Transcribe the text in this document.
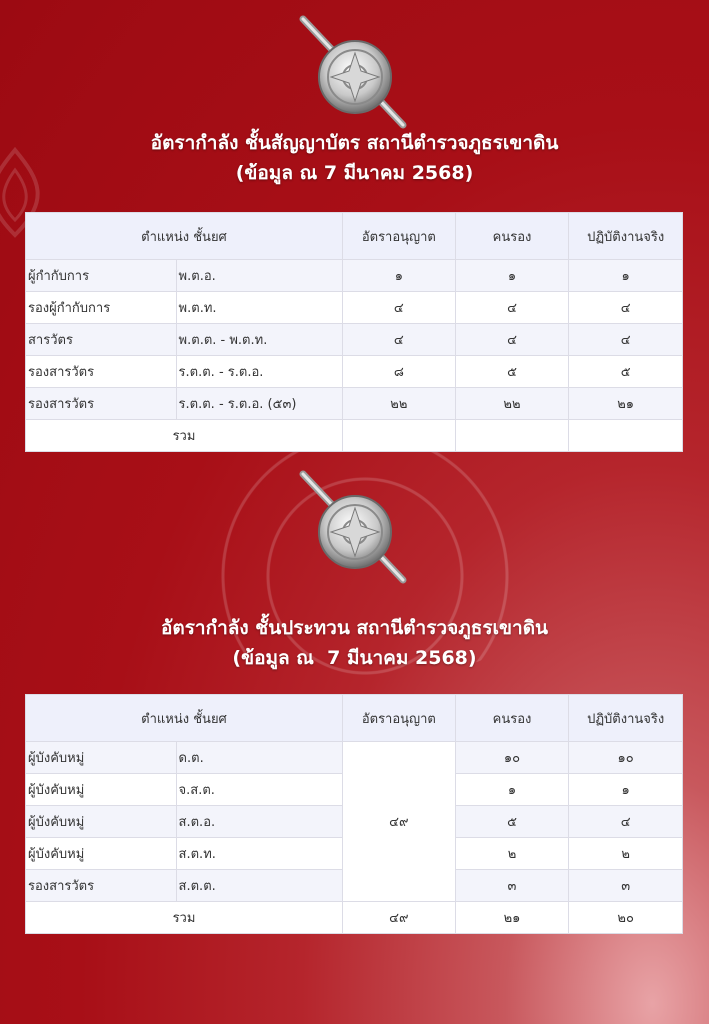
อัตรากำลัง ชั้นสัญญาบัตร สถานีตำรวจภูธรเขาดิน
(ข้อมูล ณ 7 มีนาคม 2568)
ตำแหน่ง ชั้นยศ		อัตราอนุญาต	คนรอง	ปฏิบัติงานจริง
ผู้กำกับการ	พ.ต.อ.	๑	๑	๑
รองผู้กำกับการ	พ.ต.ท.	๔	๔	๔
สารวัตร	พ.ต.ต. - พ.ต.ท.	๔	๔	๔
รองสารวัตร	ร.ต.ต. - ร.ต.อ.	๘	๕	๕
รองสารวัตร	ร.ต.ต. - ร.ต.อ. (๕๓)	๒๒	๒๒	๒๑
รวม				
อัตรากำลัง ชั้นประทวน สถานีตำรวจภูธรเขาดิน
(ข้อมูล ณ  7 มีนาคม 2568)
ตำแหน่ง ชั้นยศ		อัตราอนุญาต	คนรอง	ปฏิบัติงานจริง
ผู้บังคับหมู่	ด.ต.	๔๙	๑๐	๑๐
ผู้บังคับหมู่	จ.ส.ต.		๑	๑
ผู้บังคับหมู่	ส.ต.อ.		๕	๔
ผู้บังคับหมู่	ส.ต.ท.		๒	๒
รองสารวัตร	ส.ต.ต.		๓	๓
รวม		๔๙	๒๑	๒๐
